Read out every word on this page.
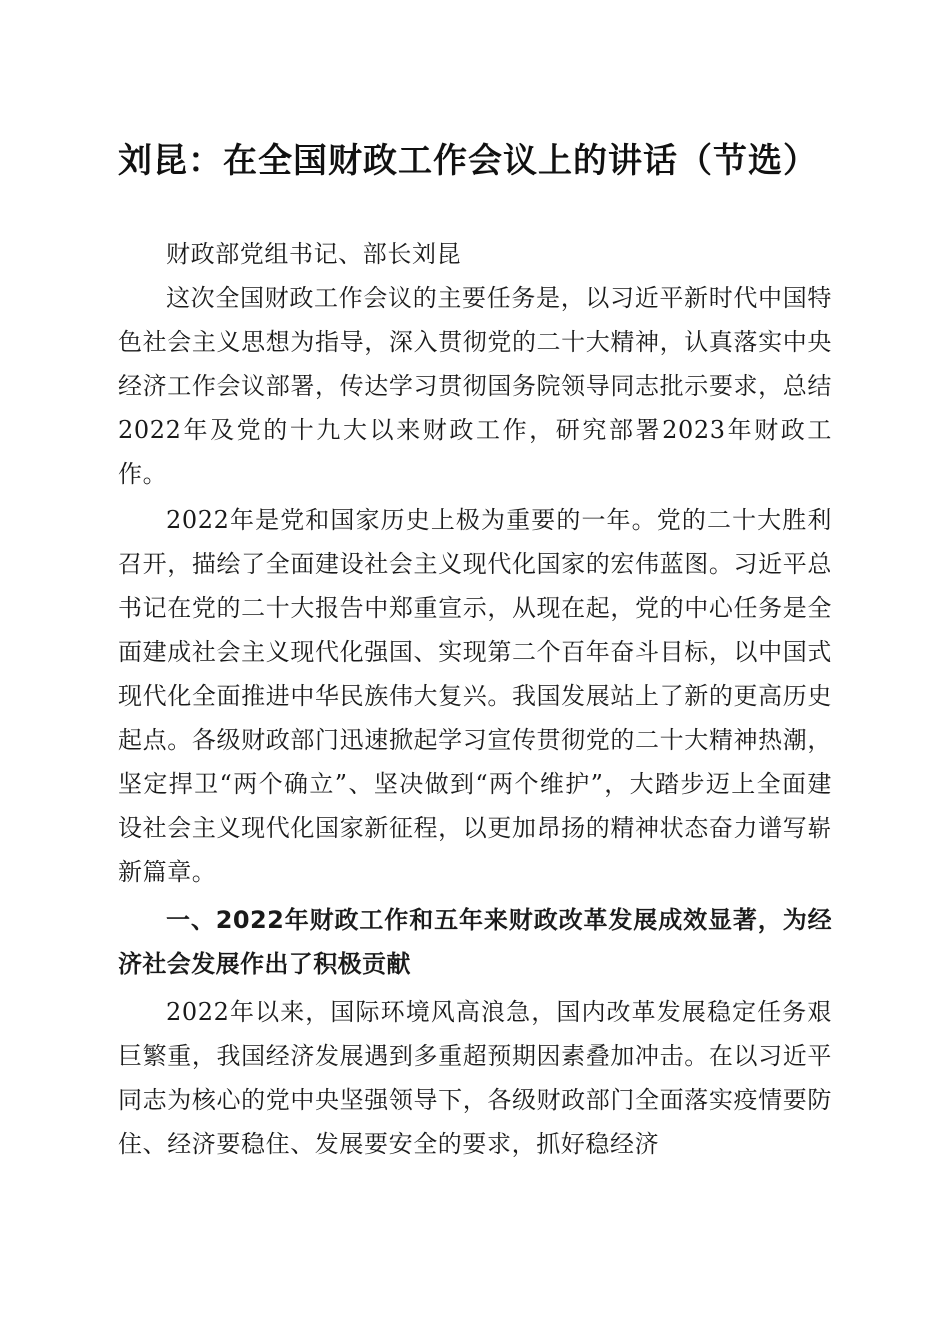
刘昆：在全国财政工作会议上的讲话（节选）

财政部党组书记、部长刘昆

这次全国财政工作会议的主要任务是，以习近平新时代中国特色社会主义思想为指导，深入贯彻党的二十大精神，认真落实中央经济工作会议部署，传达学习贯彻国务院领导同志批示要求，总结2022年及党的十九大以来财政工作，研究部署2023年财政工作。

2022年是党和国家历史上极为重要的一年。党的二十大胜利召开，描绘了全面建设社会主义现代化国家的宏伟蓝图。习近平总书记在党的二十大报告中郑重宣示，从现在起，党的中心任务是全面建成社会主义现代化强国、实现第二个百年奋斗目标，以中国式现代化全面推进中华民族伟大复兴。我国发展站上了新的更高历史起点。各级财政部门迅速掀起学习宣传贯彻党的二十大精神热潮，坚定捍卫“两个确立”、坚决做到“两个维护”，大踏步迈上全面建设社会主义现代化国家新征程，以更加昂扬的精神状态奋力谱写崭新篇章。

一、2022年财政工作和五年来财政改革发展成效显著，为经济社会发展作出了积极贡献

2022年以来，国际环境风高浪急，国内改革发展稳定任务艰巨繁重，我国经济发展遇到多重超预期因素叠加冲击。在以习近平同志为核心的党中央坚强领导下，各级财政部门全面落实疫情要防住、经济要稳住、发展要安全的要求，抓好稳经济
